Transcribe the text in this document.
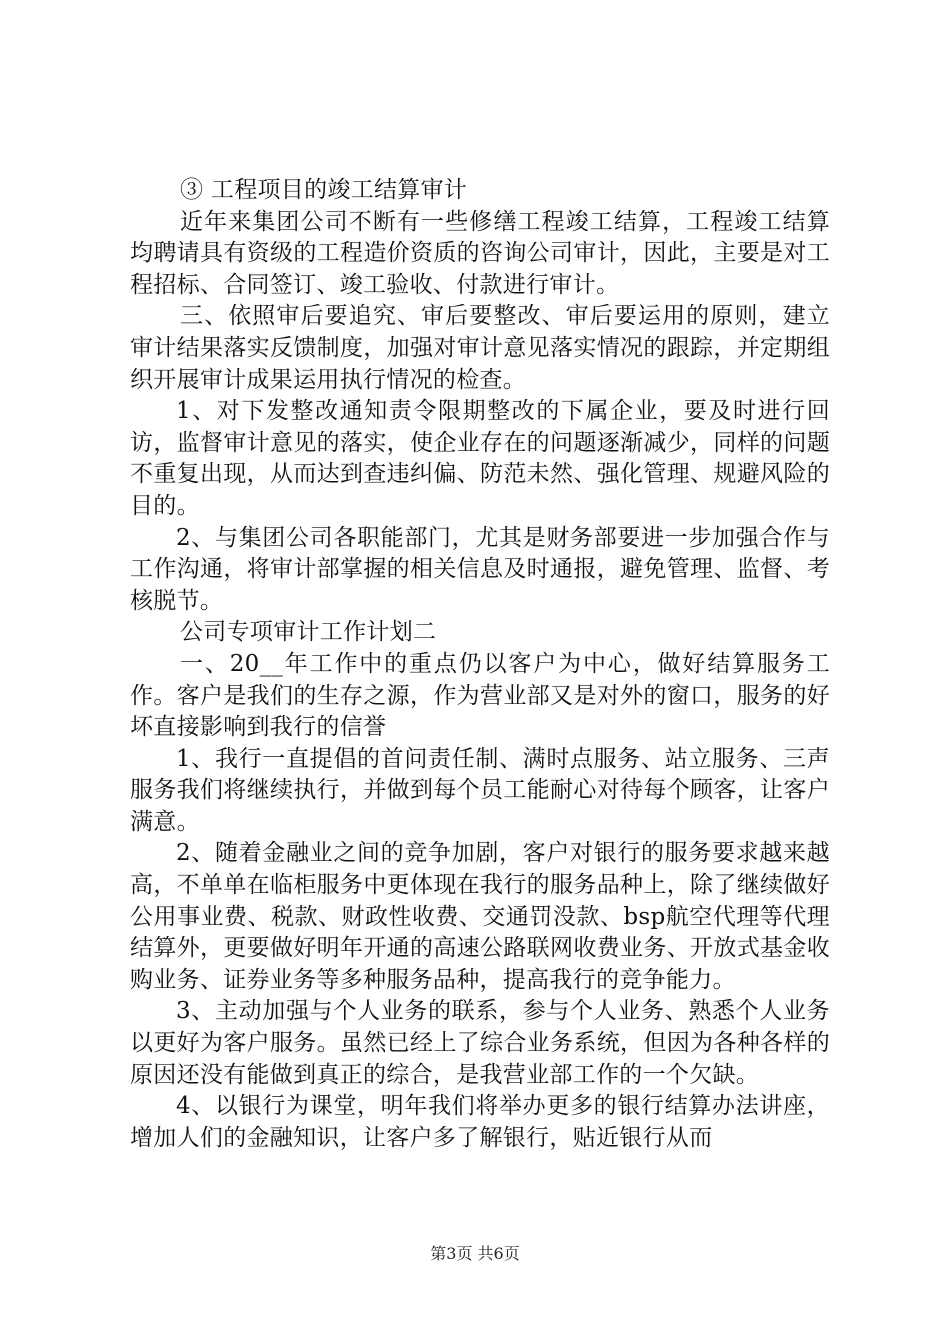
③ 工程项目的竣工结算审计

近年来集团公司不断有一些修缮工程竣工结算，工程竣工结算均聘请具有资级的工程造价资质的咨询公司审计，因此，主要是对工程招标、合同签订、竣工验收、付款进行审计。

三、依照审后要追究、审后要整改、审后要运用的原则，建立审计结果落实反馈制度，加强对审计意见落实情况的跟踪，并定期组织开展审计成果运用执行情况的检查。

1、对下发整改通知责令限期整改的下属企业，要及时进行回访，监督审计意见的落实，使企业存在的问题逐渐减少，同样的问题不重复出现，从而达到查违纠偏、防范未然、强化管理、规避风险的目的。

2、与集团公司各职能部门，尤其是财务部要进一步加强合作与工作沟通，将审计部掌握的相关信息及时通报，避免管理、监督、考核脱节。

公司专项审计工作计划二

一、20__年工作中的重点仍以客户为中心，做好结算服务工作。客户是我们的生存之源，作为营业部又是对外的窗口，服务的好坏直接影响到我行的信誉

1、我行一直提倡的首问责任制、满时点服务、站立服务、三声服务我们将继续执行，并做到每个员工能耐心对待每个顾客，让客户满意。

2、随着金融业之间的竞争加剧，客户对银行的服务要求越来越高，不单单在临柜服务中更体现在我行的服务品种上，除了继续做好公用事业费、税款、财政性收费、交通罚没款、bsp航空代理等代理结算外，更要做好明年开通的高速公路联网收费业务、开放式基金收购业务、证券业务等多种服务品种，提高我行的竞争能力。

3、主动加强与个人业务的联系，参与个人业务、熟悉个人业务以更好为客户服务。虽然已经上了综合业务系统，但因为各种各样的原因还没有能做到真正的综合，是我营业部工作的一个欠缺。

4、以银行为课堂，明年我们将举办更多的银行结算办法讲座，增加人们的金融知识，让客户多了解银行，贴近银行从而

第3页 共6页
